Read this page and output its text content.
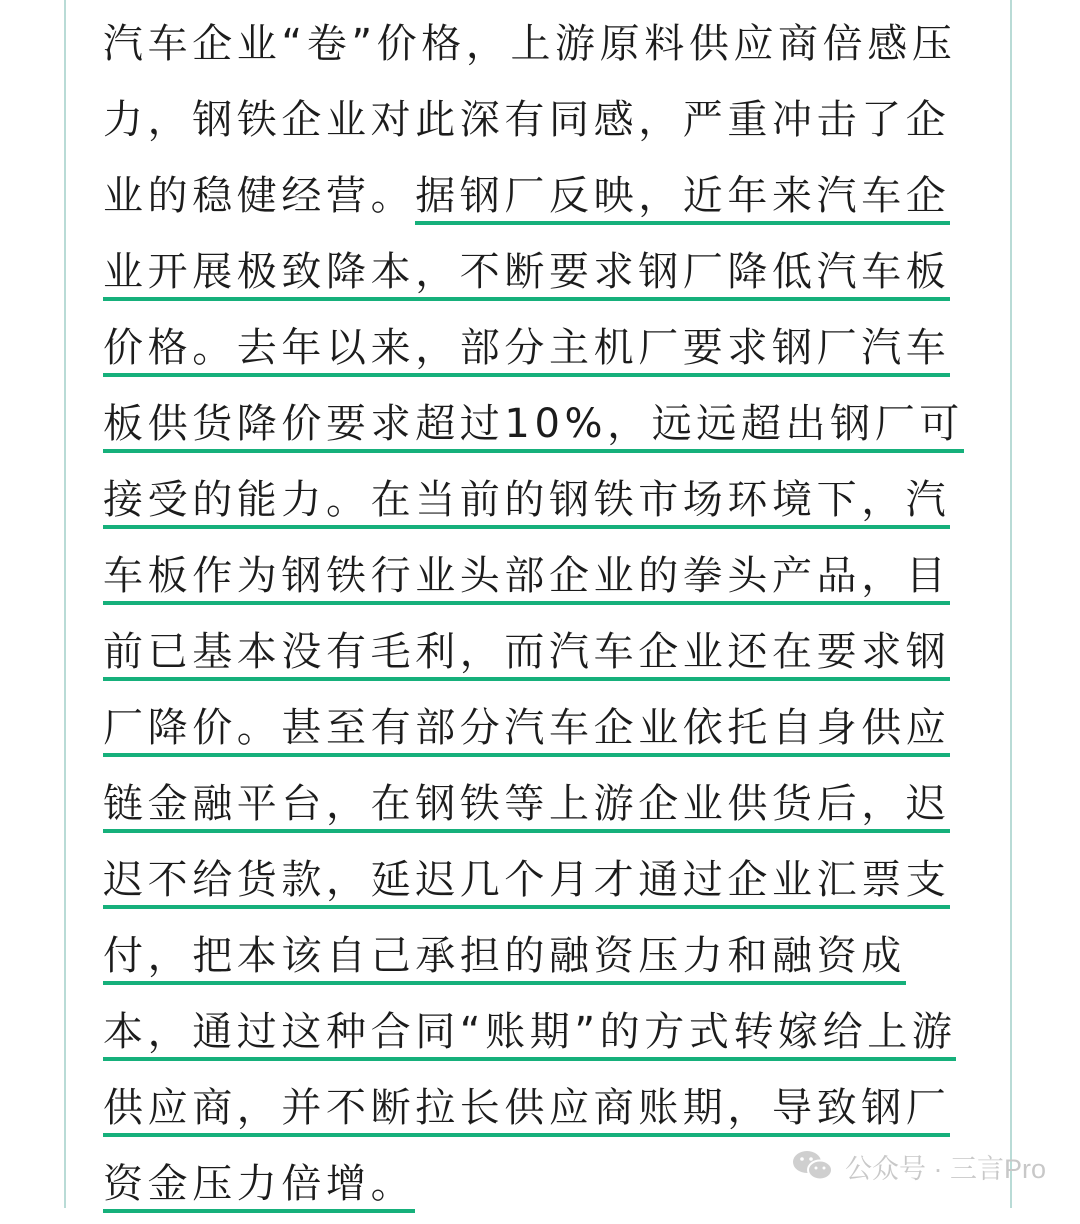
汽车企业“卷”价格，上游原料供应商倍感压
力，钢铁企业对此深有同感，严重冲击了企
业的稳健经营。据钢厂反映，近年来汽车企
业开展极致降本，不断要求钢厂降低汽车板
价格。去年以来，部分主机厂要求钢厂汽车
板供货降价要求超过10%，远远超出钢厂可
接受的能力。在当前的钢铁市场环境下，汽
车板作为钢铁行业头部企业的拳头产品，目
前已基本没有毛利，而汽车企业还在要求钢
厂降价。甚至有部分汽车企业依托自身供应
链金融平台，在钢铁等上游企业供货后，迟
迟不给货款，延迟几个月才通过企业汇票支
付，把本该自己承担的融资压力和融资成
本，通过这种合同“账期”的方式转嫁给上游
供应商，并不断拉长供应商账期，导致钢厂
资金压力倍增。	公众号 · 三言Pro
